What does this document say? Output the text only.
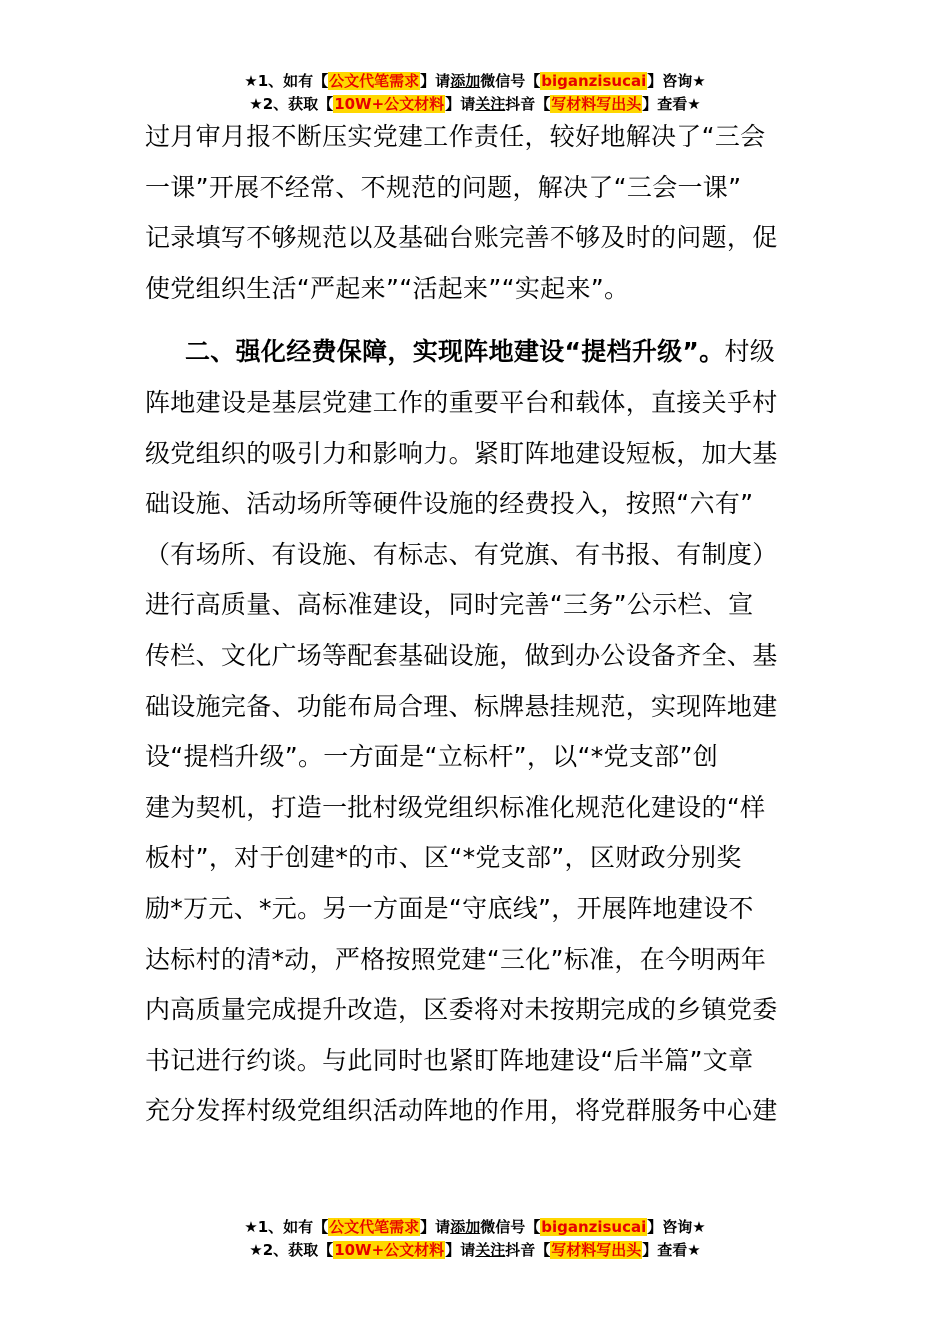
★1、如有【公文代笔需求】请添加微信号【biganzisucai】咨询★
★2、获取【10W+公文材料】请关注抖音【写材料写出头】查看★
过月审月报不断压实党建工作责任，较好地解决了“三会
一课”开展不经常、不规范的问题，解决了“三会一课”
记录填写不够规范以及基础台账完善不够及时的问题，促
使党组织生活“严起来”“活起来”“实起来”。
二、强化经费保障，实现阵地建设“提档升级”。村级
阵地建设是基层党建工作的重要平台和载体，直接关乎村
级党组织的吸引力和影响力。紧盯阵地建设短板，加大基
础设施、活动场所等硬件设施的经费投入，按照“六有”
（有场所、有设施、有标志、有党旗、有书报、有制度）
进行高质量、高标准建设，同时完善“三务”公示栏、宣
传栏、文化广场等配套基础设施，做到办公设备齐全、基
础设施完备、功能布局合理、标牌悬挂规范，实现阵地建
设“提档升级”。一方面是“立标杆”，以“*党支部”创
建为契机，打造一批村级党组织标准化规范化建设的“样
板村”，对于创建*的市、区“*党支部”，区财政分别奖
励*万元、*元。另一方面是“守底线”，开展阵地建设不
达标村的清*动，严格按照党建“三化”标准，在今明两年
内高质量完成提升改造，区委将对未按期完成的乡镇党委
书记进行约谈。与此同时也紧盯阵地建设“后半篇”文章
充分发挥村级党组织活动阵地的作用，将党群服务中心建
★1、如有【公文代笔需求】请添加微信号【biganzisucai】咨询★
★2、获取【10W+公文材料】请关注抖音【写材料写出头】查看★
